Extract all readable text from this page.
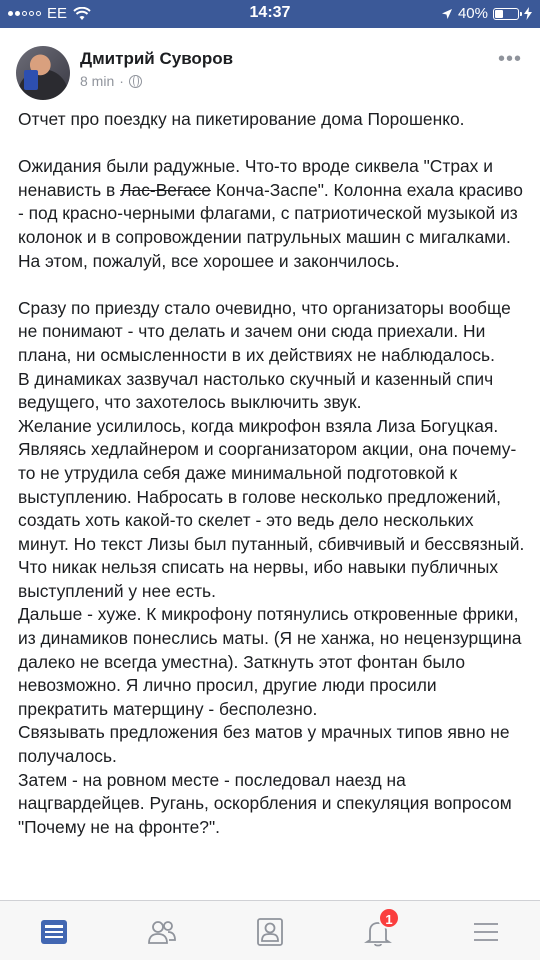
EE	14:37	40%
Дмитрий Суворов
8 min ·
•••

Отчет про поездку на пикетирование дома Порошенко.

Ожидания были радужные. Что-то вроде сиквела "Страх и ненависть в Лас-Вегасе Конча-Заспе". Колонна ехала красиво - под красно-черными флагами, с патриотической музыкой из колонок и в сопровождении патрульных машин с мигалками. На этом, пожалуй, все хорошее и закончилось.

Сразу по приезду стало очевидно, что организаторы вообще не понимают - что делать и зачем они сюда приехали. Ни плана, ни осмысленности в их действиях не наблюдалось.

В динамиках зазвучал настолько скучный и казенный спич ведущего, что захотелось выключить звук.

Желание усилилось, когда микрофон взяла Лиза Богуцкая. Являясь хедлайнером и соорганизатором акции, она почему-то не утрудила себя даже минимальной подготовкой к выступлению. Набросать в голове несколько предложений, создать хоть какой-то скелет - это ведь дело нескольких минут. Но текст Лизы был путанный, сбивчивый и бессвязный. Что никак нельзя списать на нервы, ибо навыки публичных выступлений у нее есть.

Дальше - хуже. К микрофону потянулись откровенные фрики, из динамиков понеслись маты. (Я не ханжа, но нецензурщина далеко не всегда уместна). Заткнуть этот фонтан было невозможно. Я лично просил, другие люди просили прекратить матерщину - бесполезно.

Связывать предложения без матов у мрачных типов явно не получалось.

Затем - на ровном месте - последовал наезд на нацгвардейцев. Ругань, оскорбления и спекуляция вопросом "Почему не на фронте?".

1
